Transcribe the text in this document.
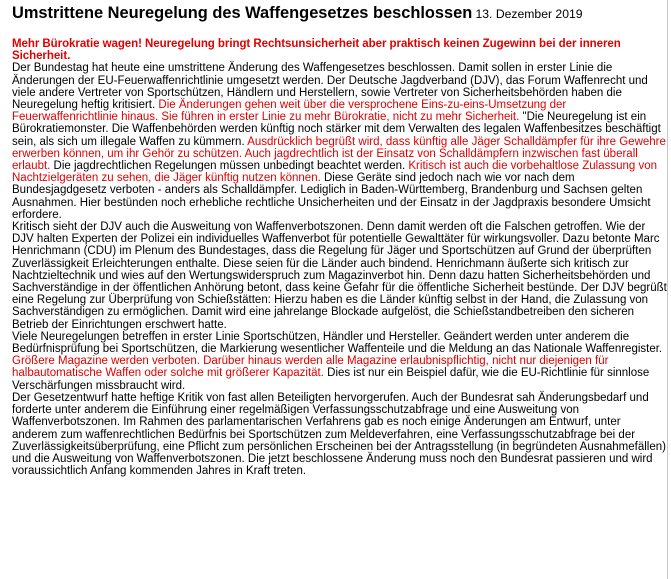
Umstrittene Neuregelung des Waffengesetzes beschlossen 13. Dezember 2019

Mehr Bürokratie wagen! Neuregelung bringt Rechtsunsicherheit aber praktisch keinen Zugewinn bei der inneren Sicherheit.

Der Bundestag hat heute eine umstrittene Änderung des Waffengesetzes beschlossen. Damit sollen in erster Linie die Änderungen der EU-Feuerwaffenrichtlinie umgesetzt werden. Der Deutsche Jagdverband (DJV), das Forum Waffenrecht und viele andere Vertreter von Sportschützen, Händlern und Herstellern, sowie Vertreter von Sicherheitsbehörden haben die Neuregelung heftig kritisiert. Die Änderungen gehen weit über die versprochene Eins-zu-eins-Umsetzung der Feuerwaffenrichtlinie hinaus. Sie führen in erster Linie zu mehr Bürokratie, nicht zu mehr Sicherheit. "Die Neuregelung ist ein Bürokratiemonster. Die Waffenbehörden werden künftig noch stärker mit dem Verwalten des legalen Waffenbesitzes beschäftigt sein, als sich um illegale Waffen zu kümmern. Ausdrücklich begrüßt wird, dass künftig alle Jäger Schalldämpfer für ihre Gewehre erwerben können, um ihr Gehör zu schützen. Auch jagdrechtlich ist der Einsatz von Schalldämpfern inzwischen fast überall erlaubt. Die jagdrechtlichen Regelungen müssen unbedingt beachtet werden. Kritisch ist auch die vorbehaltlose Zulassung von Nachtzielgeräten zu sehen, die Jäger künftig nutzen können. Diese Geräte sind jedoch nach wie vor nach dem Bundesjagdgesetz verboten - anders als Schalldämpfer. Lediglich in Baden-Württemberg, Brandenburg und Sachsen gelten Ausnahmen. Hier bestünden noch erhebliche rechtliche Unsicherheiten und der Einsatz in der Jagdpraxis besondere Umsicht erfordere.

Kritisch sieht der DJV auch die Ausweitung von Waffenverbotszonen. Denn damit werden oft die Falschen getroffen. Wie der DJV halten Experten der Polizei ein individuelles Waffenverbot für potentielle Gewalttäter für wirkungsvoller. Dazu betonte Marc Henrichmann (CDU) im Plenum des Bundestages, dass die Regelung für Jäger und Sportschützen auf Grund der überprüften Zuverlässigkeit Erleichterungen enthalte. Diese seien für die Länder auch bindend. Henrichmann äußerte sich kritisch zur Nachtzieltechnik und wies auf den Wertungswiderspruch zum Magazinverbot hin. Denn dazu hatten Sicherheitsbehörden und Sachverständige in der öffentlichen Anhörung betont, dass keine Gefahr für die öffentliche Sicherheit bestünde. Der DJV begrüßt eine Regelung zur Überprüfung von Schießstätten: Hierzu haben es die Länder künftig selbst in der Hand, die Zulassung von Sachverständigen zu ermöglichen. Damit wird eine jahrelange Blockade aufgelöst, die Schießstandbetreiben den sicheren Betrieb der Einrichtungen erschwert hatte.

Viele Neuregelungen betreffen in erster Linie Sportschützen, Händler und Hersteller. Geändert werden unter anderem die Bedürfnisprüfung bei Sportschützen, die Markierung wesentlicher Waffenteile und die Meldung an das Nationale Waffenregister. Größere Magazine werden verboten. Darüber hinaus werden alle Magazine erlaubnispflichtig, nicht nur diejenigen für halbautomatische Waffen oder solche mit größerer Kapazität. Dies ist nur ein Beispiel dafür, wie die EU-Richtlinie für sinnlose Verschärfungen missbraucht wird.

Der Gesetzentwurf hatte heftige Kritik von fast allen Beteiligten hervorgerufen. Auch der Bundesrat sah Änderungsbedarf und forderte unter anderem die Einführung einer regelmäßigen Verfassungsschutzabfrage und eine Ausweitung von Waffenverbotszonen. Im Rahmen des parlamentarischen Verfahrens gab es noch einige Änderungen am Entwurf, unter anderem zum waffenrechtlichen Bedürfnis bei Sportschützen zum Meldeverfahren, eine Verfassungsschutzabfrage bei der Zuverlässigkeitsüberprüfung, eine Pflicht zum persönlichen Erscheinen bei der Antragsstellung (in begründeten Ausnahmefällen) und die Ausweitung von Waffenverbotszonen. Die jetzt beschlossene Änderung muss noch den Bundesrat passieren und wird voraussichtlich Anfang kommenden Jahres in Kraft treten.
